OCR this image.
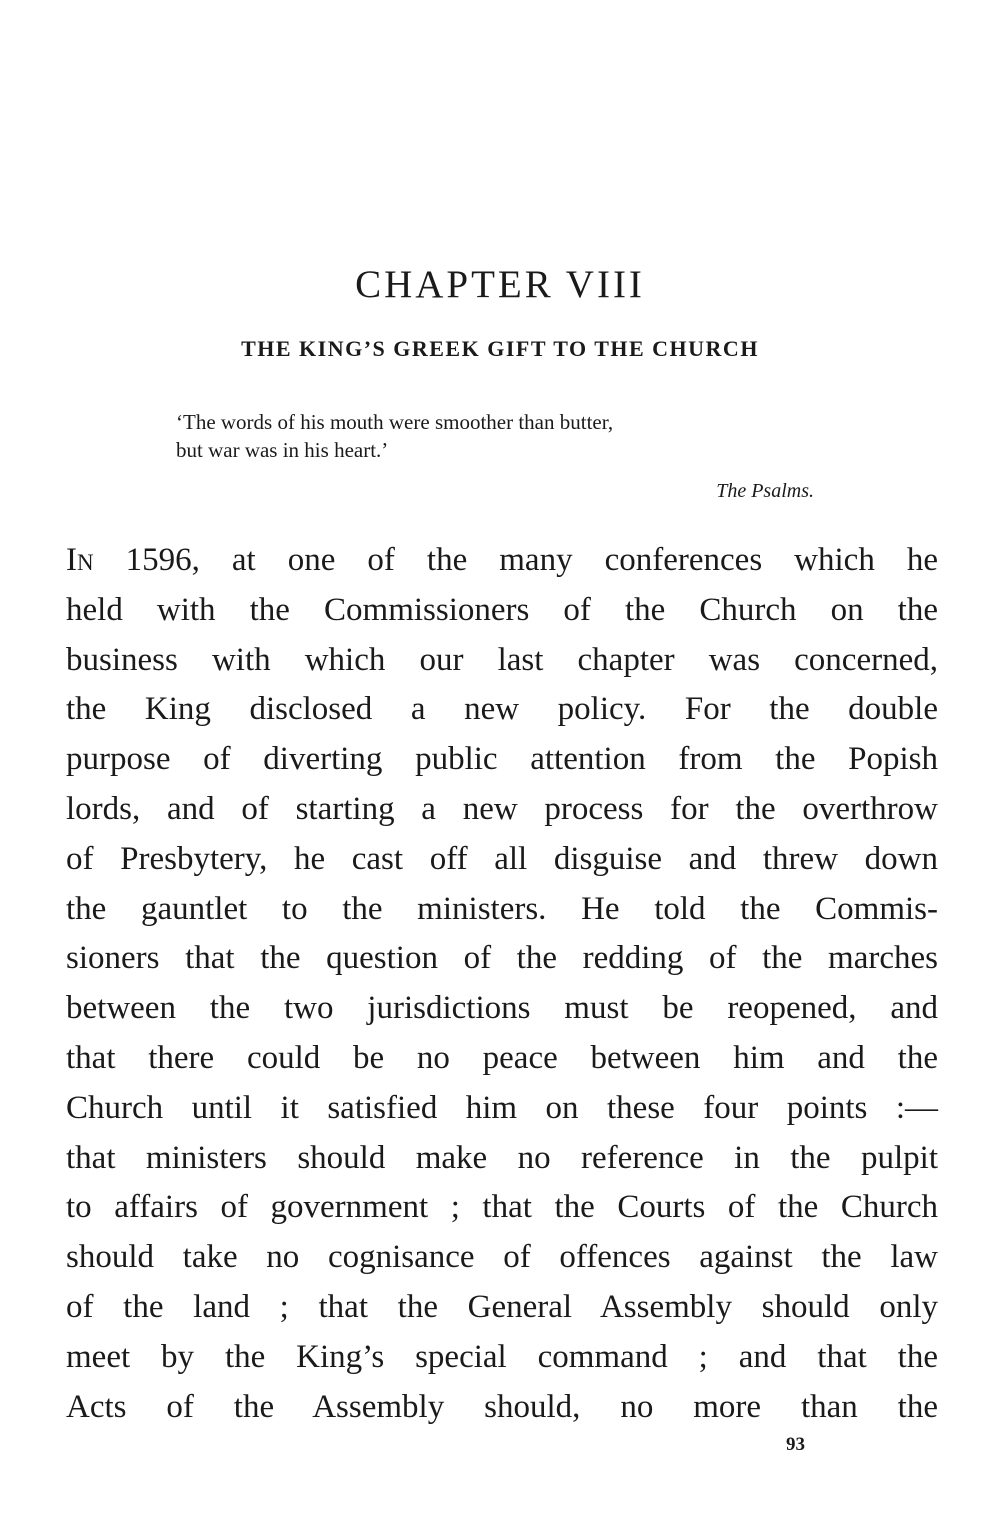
CHAPTER VIII
THE KING’S GREEK GIFT TO THE CHURCH
‘The words of his mouth were smoother than butter,
but war was in his heart.’
The Psalms.
In 1596, at one of the many conferences which he
held with the Commissioners of the Church on the
business with which our last chapter was concerned,
the King disclosed a new policy. For the double
purpose of diverting public attention from the Popish
lords, and of starting a new process for the overthrow
of Presbytery, he cast off all disguise and threw down
the gauntlet to the ministers. He told the Commis-
sioners that the question of the redding of the marches
between the two jurisdictions must be reopened, and
that there could be no peace between him and the
Church until it satisfied him on these four points :—
that ministers should make no reference in the pulpit
to affairs of government ; that the Courts of the Church
should take no cognisance of offences against the law
of the land ; that the General Assembly should only
meet by the King’s special command ; and that the
Acts of the Assembly should, no more than the
93
